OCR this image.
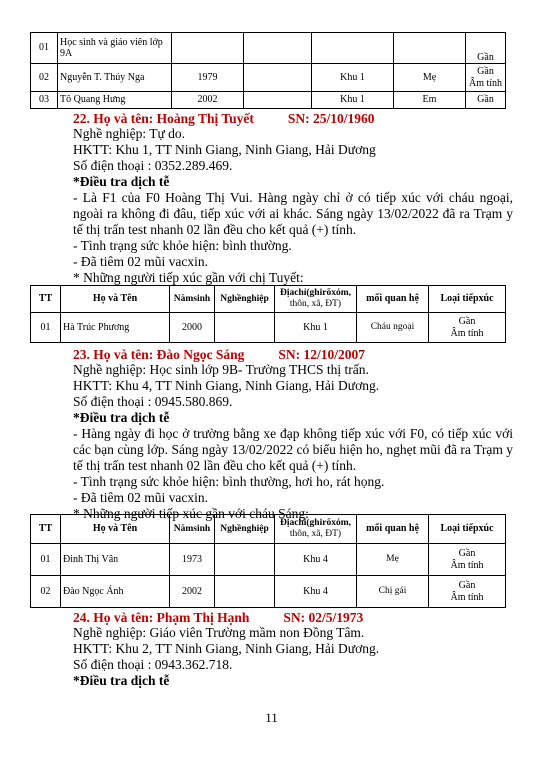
01	Học sinh và giáo viên lớp 9A					Gần
02	Nguyễn T. Thúy Nga	1979		Khu 1	Mẹ	Gần
Âm tính
03	Tô Quang Hưng	2002		Khu 1	Em	Gần
22. Họ và tên: Hoàng Thị Tuyết	SN: 25/10/1960
Nghề nghiệp: Tự do.
HKTT: Khu 1, TT Ninh Giang, Ninh Giang, Hải Dương
Số điện thoại : 0352.289.469.
*Điều tra dịch tễ
- Là F1 của F0 Hoàng Thị Vui. Hàng ngày chỉ ở có tiếp xúc với cháu ngoại, ngoài ra không đi đâu, tiếp xúc với ai khác. Sáng ngày 13/02/2022 đã ra Trạm y tế thị trấn test nhanh 02 lần đều cho kết quả (+) tính.
- Tình trạng sức khỏe hiện: bình thường.
- Đã tiêm 02 mũi vacxin.
* Những người tiếp xúc gần với chị Tuyết:
TT	Họ và Tên	Nămsinh	Nghềnghiệp	Địachỉ(ghirõxóm,
thôn, xã, ĐT)	mối quan hệ	Loại tiếpxúc
01	Hà Trúc Phương	2000		Khu 1	Cháu ngoại	Gần
Âm tính
23. Họ và tên: Đào Ngọc Sáng	SN: 12/10/2007
Nghề nghiệp: Học sinh lớp 9B- Trường THCS thị trấn.
HKTT: Khu 4, TT Ninh Giang, Ninh Giang, Hải Dương.
Số điện thoại : 0945.580.869.
*Điều tra dịch tễ
- Hàng ngày đi học ở trường bằng xe đạp không tiếp xúc với F0, có tiếp xúc với các bạn cùng lớp. Sáng ngày 13/02/2022 có biểu hiện ho, nghẹt mũi đã ra Trạm y tế thị trấn test nhanh 02 lần đều cho kết quả (+) tính.
- Tình trạng sức khỏe hiện: bình thường, hơi ho, rát họng.
- Đã tiêm 02 mũi vacxin.
* Những người tiếp xúc gần với cháu Sáng:
TT	Họ và Tên	Nămsinh	Nghềnghiệp	Địachỉ(ghirõxóm,
thôn, xã, ĐT)	mối quan hệ	Loại tiếpxúc
01	Đinh Thị Vân	1973		Khu 4	Mẹ	Gần
Âm tính
02	Đào Ngọc Ánh	2002		Khu 4	Chị gái	Gần
Âm tính
24. Họ và tên: Phạm Thị Hạnh	SN: 02/5/1973
Nghề nghiệp: Giáo viên Trường mầm non Đồng Tâm.
HKTT: Khu 2, TT Ninh Giang, Ninh Giang, Hải Dương.
Số điện thoại : 0943.362.718.
*Điều tra dịch tễ
11
